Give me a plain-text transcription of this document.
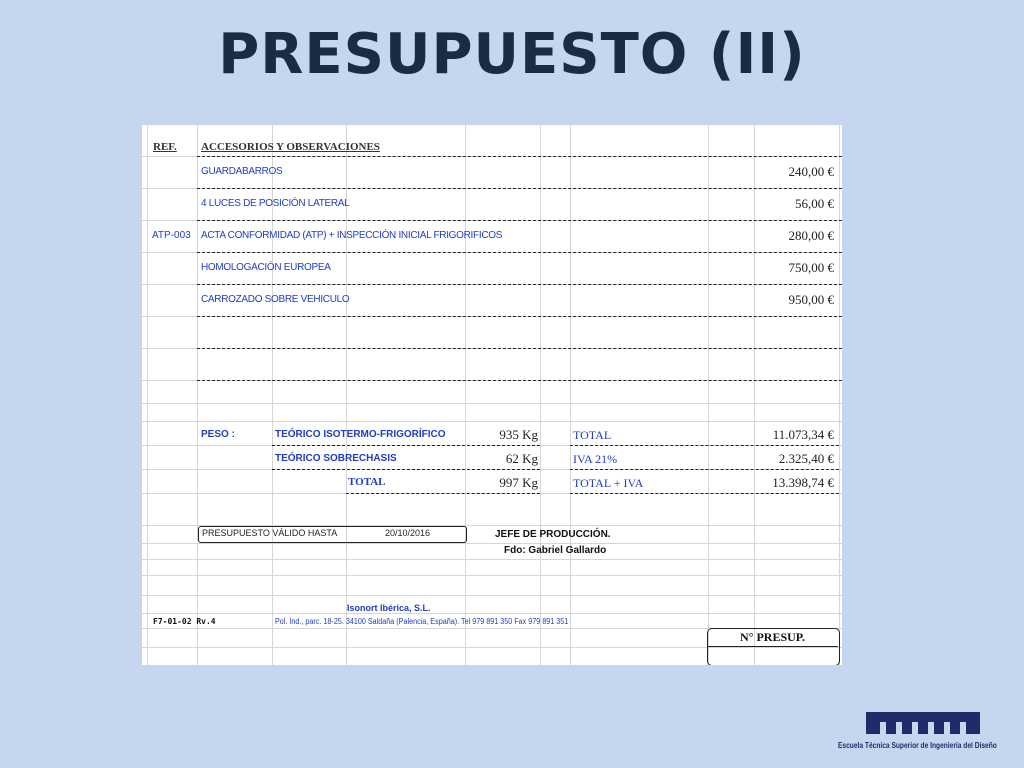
PRESUPUESTO (II)
REF. ACCESORIOS Y OBSERVACIONES
GUARDABARROS	240,00 €
4 LUCES DE POSICIÓN LATERAL	56,00 €
ATP-003 ACTA CONFORMIDAD (ATP) + INSPECCIÓN INICIAL FRIGORIFICOS	280,00 €
HOMOLOGACIÓN EUROPEA	750,00 €
CARROZADO SOBRE VEHICULO	950,00 €
PESO :	TEÓRICO ISOTERMO-FRIGORÍFICO	935 Kg
TEÓRICO SOBRECHASIS	62 Kg
TOTAL	997 Kg
TOTAL	11.073,34 €
IVA 21%	2.325,40 €
TOTAL + IVA	13.398,74 €
PRESUPUESTO VÁLIDO HASTA	20/10/2016	JEFE DE PRODUCCIÓN.
Fdo: Gabriel Gallardo
Isonort Ibérica, S.L.
F7-01-02 Rv.4	Pol. Ind., parc. 18-25. 34100 Saldaña (Palencia, España). Tel 979 891 350 Fax 979 891 351
N° PRESUP.
Escuela Técnica Superior de Ingeniería del Diseño
